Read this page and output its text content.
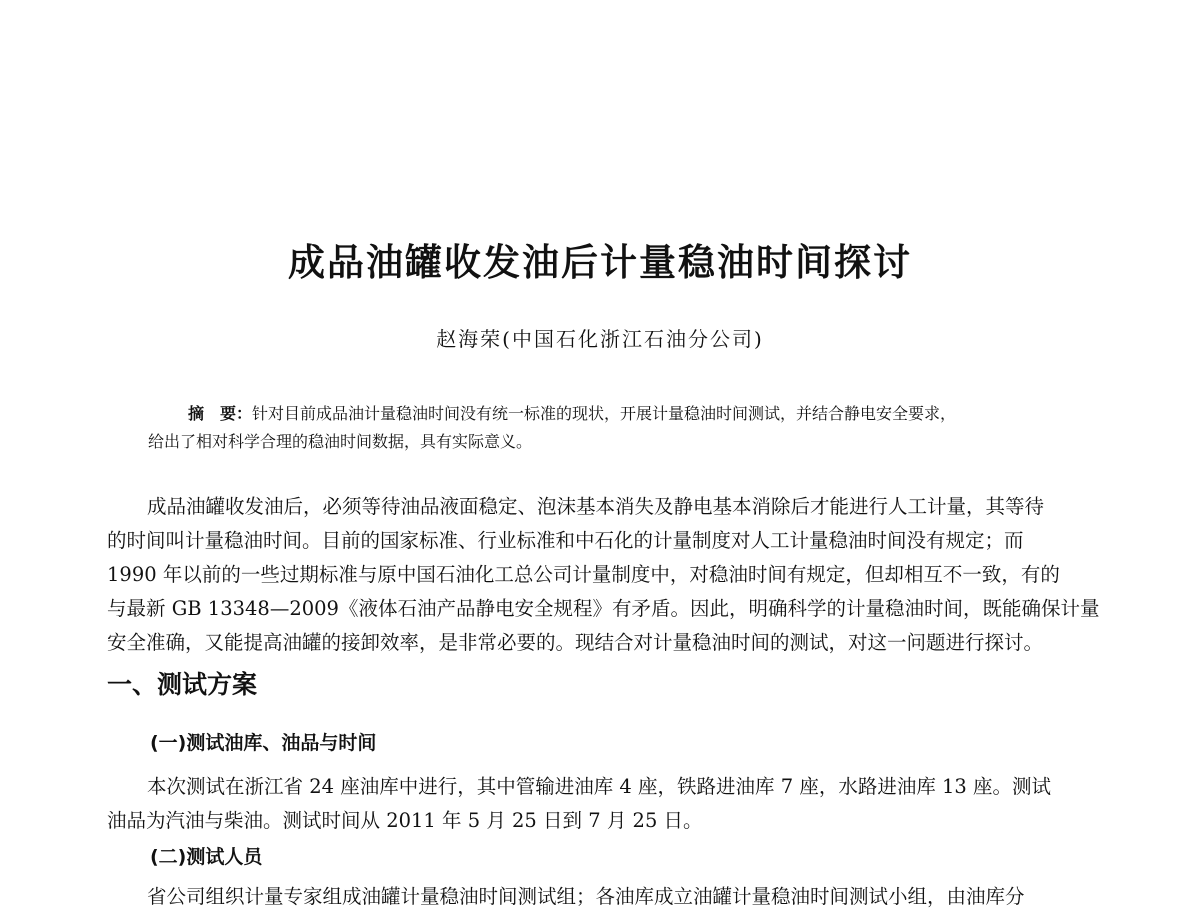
成品油罐收发油后计量稳油时间探讨
赵海荣(中国石化浙江石油分公司)
摘　要：针对目前成品油计量稳油时间没有统一标准的现状，开展计量稳油时间测试，并结合静电安全要求，
给出了相对科学合理的稳油时间数据，具有实际意义。
成品油罐收发油后，必须等待油品液面稳定、泡沫基本消失及静电基本消除后才能进行人工计量，其等待
的时间叫计量稳油时间。目前的国家标准、行业标准和中石化的计量制度对人工计量稳油时间没有规定；而
1990 年以前的一些过期标准与原中国石油化工总公司计量制度中，对稳油时间有规定，但却相互不一致，有的
与最新 GB 13348—2009《液体石油产品静电安全规程》有矛盾。因此，明确科学的计量稳油时间，既能确保计量
安全准确，又能提高油罐的接卸效率，是非常必要的。现结合对计量稳油时间的测试，对这一问题进行探讨。
一、测试方案
(一)测试油库、油品与时间
本次测试在浙江省 24 座油库中进行，其中管输进油库 4 座，铁路进油库 7 座，水路进油库 13 座。测试
油品为汽油与柴油。测试时间从 2011 年 5 月 25 日到 7 月 25 日。
(二)测试人员
省公司组织计量专家组成油罐计量稳油时间测试组；各油库成立油罐计量稳油时间测试小组，由油库分
